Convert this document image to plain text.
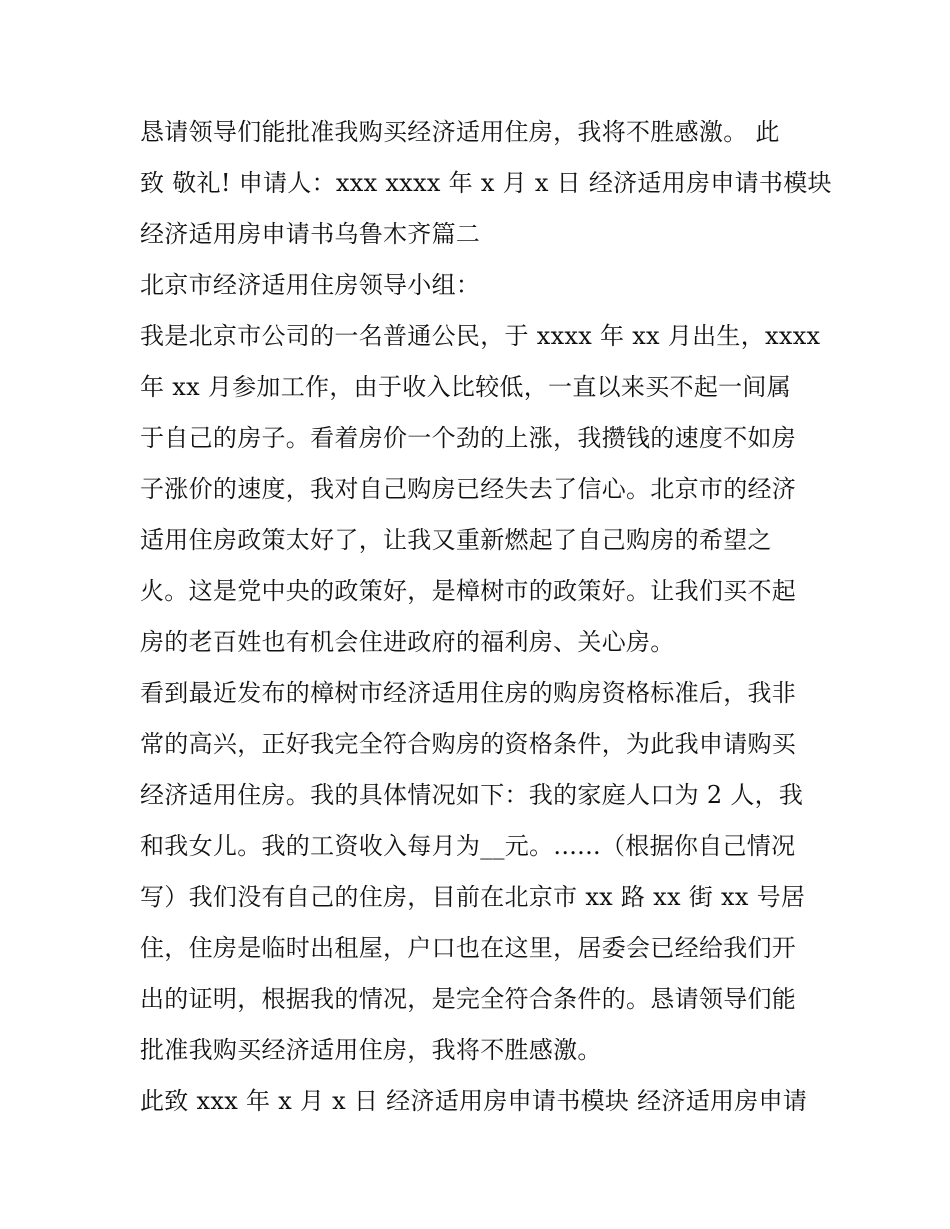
恳请领导们能批准我购买经济适用住房，我将不胜感激。 此
致 敬礼! 申请人：xxx xxxx 年 x 月 x 日 经济适用房申请书模块
经济适用房申请书乌鲁木齐篇二
北京市经济适用住房领导小组：
我是北京市公司的一名普通公民，于 xxxx 年 xx 月出生，xxxx
年 xx 月参加工作，由于收入比较低，一直以来买不起一间属
于自己的房子。看着房价一个劲的上涨，我攒钱的速度不如房
子涨价的速度，我对自己购房已经失去了信心。北京市的经济
适用住房政策太好了，让我又重新燃起了自己购房的希望之
火。这是党中央的政策好，是樟树市的政策好。让我们买不起
房的老百姓也有机会住进政府的福利房、关心房。
看到最近发布的樟树市经济适用住房的购房资格标准后，我非
常的高兴，正好我完全符合购房的资格条件，为此我申请购买
经济适用住房。我的具体情况如下：我的家庭人口为 2 人，我
和我女儿。我的工资收入每月为__元。......（根据你自己情况
写）我们没有自己的住房，目前在北京市 xx 路 xx 街 xx 号居
住，住房是临时出租屋，户口也在这里，居委会已经给我们开
出的证明，根据我的情况，是完全符合条件的。恳请领导们能
批准我购买经济适用住房，我将不胜感激。
此致 xxx 年 x 月 x 日 经济适用房申请书模块 经济适用房申请
